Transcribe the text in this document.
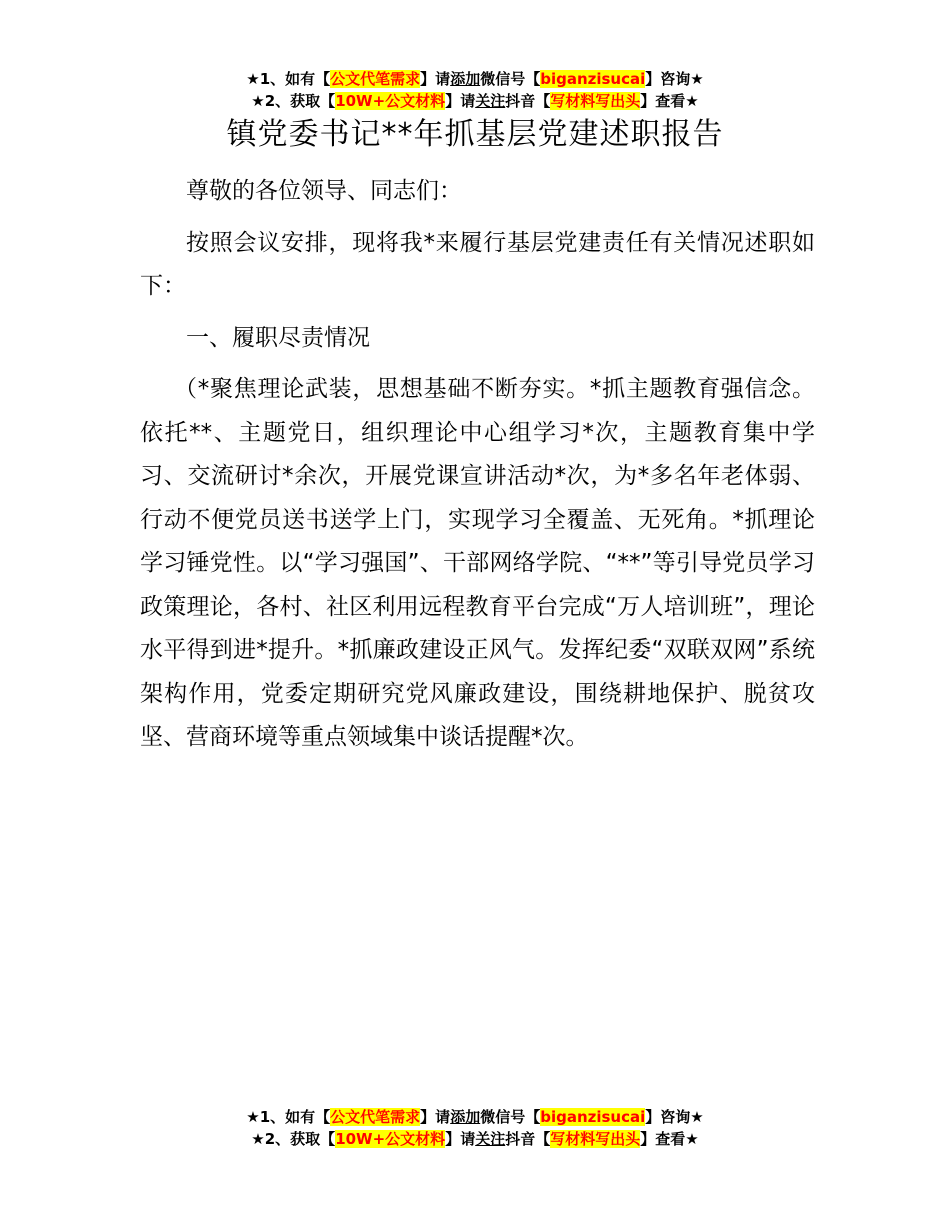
★1、如有【公文代笔需求】请添加微信号【biganzisucai】咨询★
★2、获取【10W+公文材料】请关注抖音【写材料写出头】查看★
镇党委书记**年抓基层党建述职报告

尊敬的各位领导、同志们：

按照会议安排，现将我*来履行基层党建责任有关情况述职如下：

一、履职尽责情况

（*聚焦理论武装，思想基础不断夯实。*抓主题教育强信念。依托**、主题党日，组织理论中心组学习*次，主题教育集中学习、交流研讨*余次，开展党课宣讲活动*次，为*多名年老体弱、行动不便党员送书送学上门，实现学习全覆盖、无死角。*抓理论学习锤党性。以“学习强国”、干部网络学院、“**”等引导党员学习政策理论，各村、社区利用远程教育平台完成“万人培训班”，理论水平得到进*提升。*抓廉政建设正风气。发挥纪委“双联双网”系统架构作用，党委定期研究党风廉政建设，围绕耕地保护、脱贫攻坚、营商环境等重点领域集中谈话提醒*次。

★1、如有【公文代笔需求】请添加微信号【biganzisucai】咨询★
★2、获取【10W+公文材料】请关注抖音【写材料写出头】查看★
